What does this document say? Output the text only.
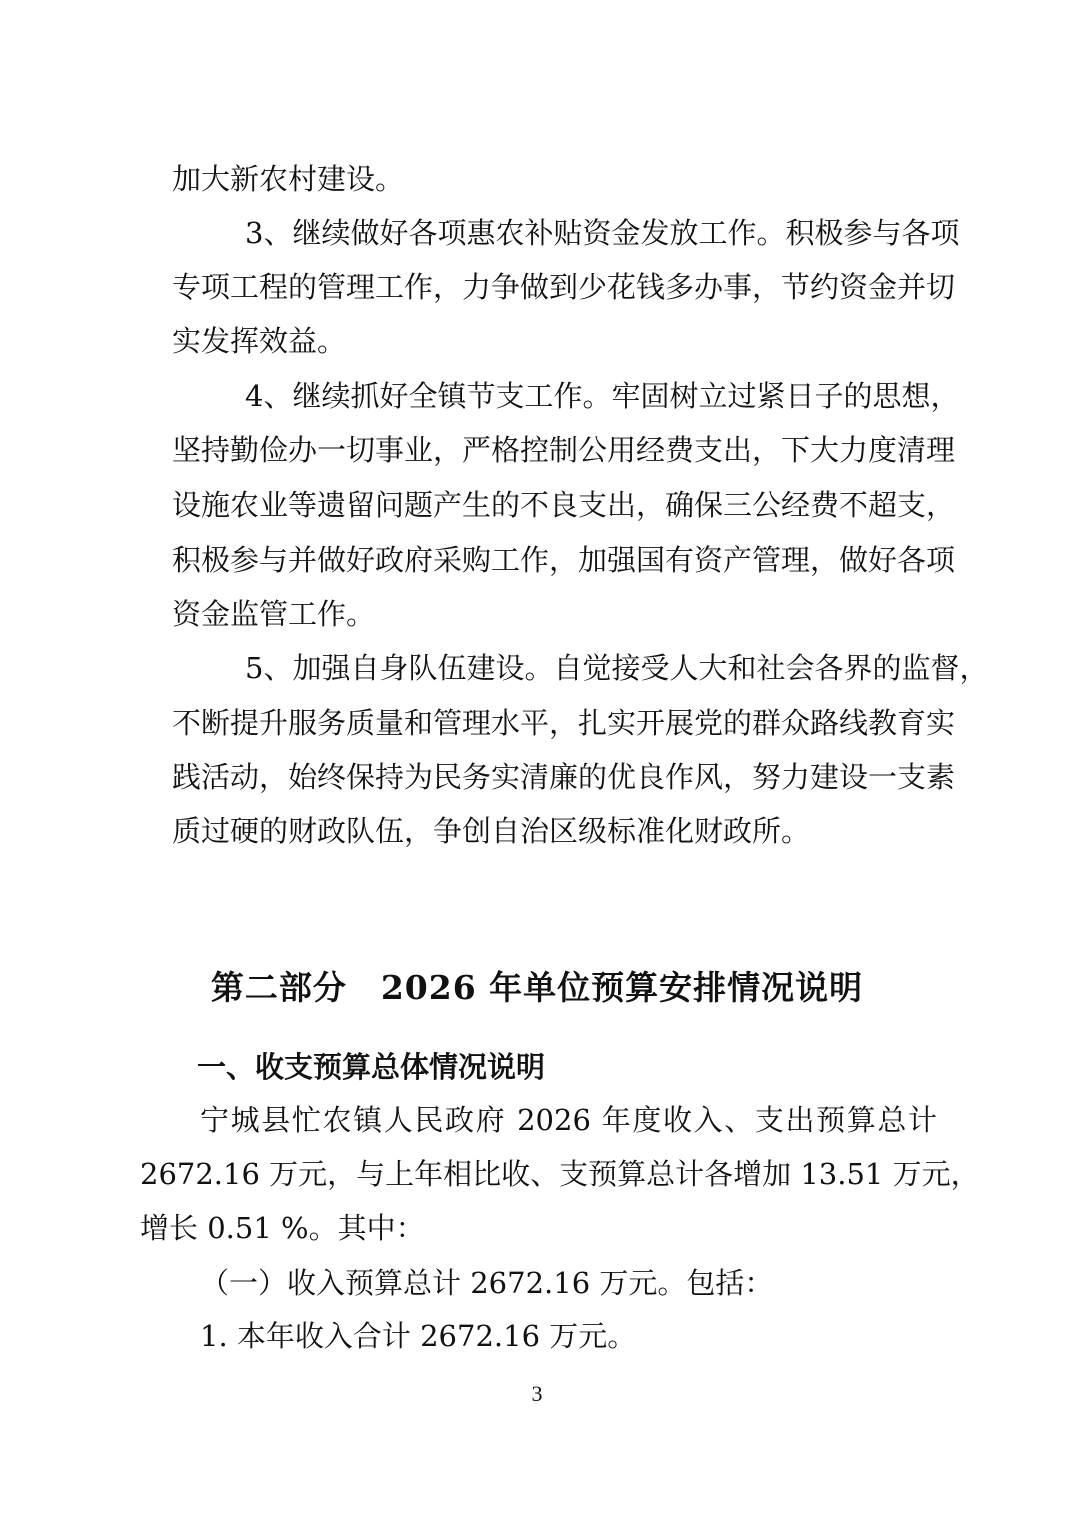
加大新农村建设。
3、继续做好各项惠农补贴资金发放工作。积极参与各项
专项工程的管理工作，力争做到少花钱多办事，节约资金并切
实发挥效益。
4、继续抓好全镇节支工作。牢固树立过紧日子的思想，
坚持勤俭办一切事业，严格控制公用经费支出，下大力度清理
设施农业等遗留问题产生的不良支出，确保三公经费不超支，
积极参与并做好政府采购工作，加强国有资产管理，做好各项
资金监管工作。
5、加强自身队伍建设。自觉接受人大和社会各界的监督，
不断提升服务质量和管理水平，扎实开展党的群众路线教育实
践活动，始终保持为民务实清廉的优良作风，努力建设一支素
质过硬的财政队伍，争创自治区级标准化财政所。
第二部分　2026 年单位预算安排情况说明
一、收支预算总体情况说明
宁城县忙农镇人民政府 2026 年度收入、支出预算总计
2672.16 万元，与上年相比收、支预算总计各增加 13.51 万元，
增长 0.51 %。其中：
（一）收入预算总计 2672.16 万元。包括：
1. 本年收入合计 2672.16 万元。
3
